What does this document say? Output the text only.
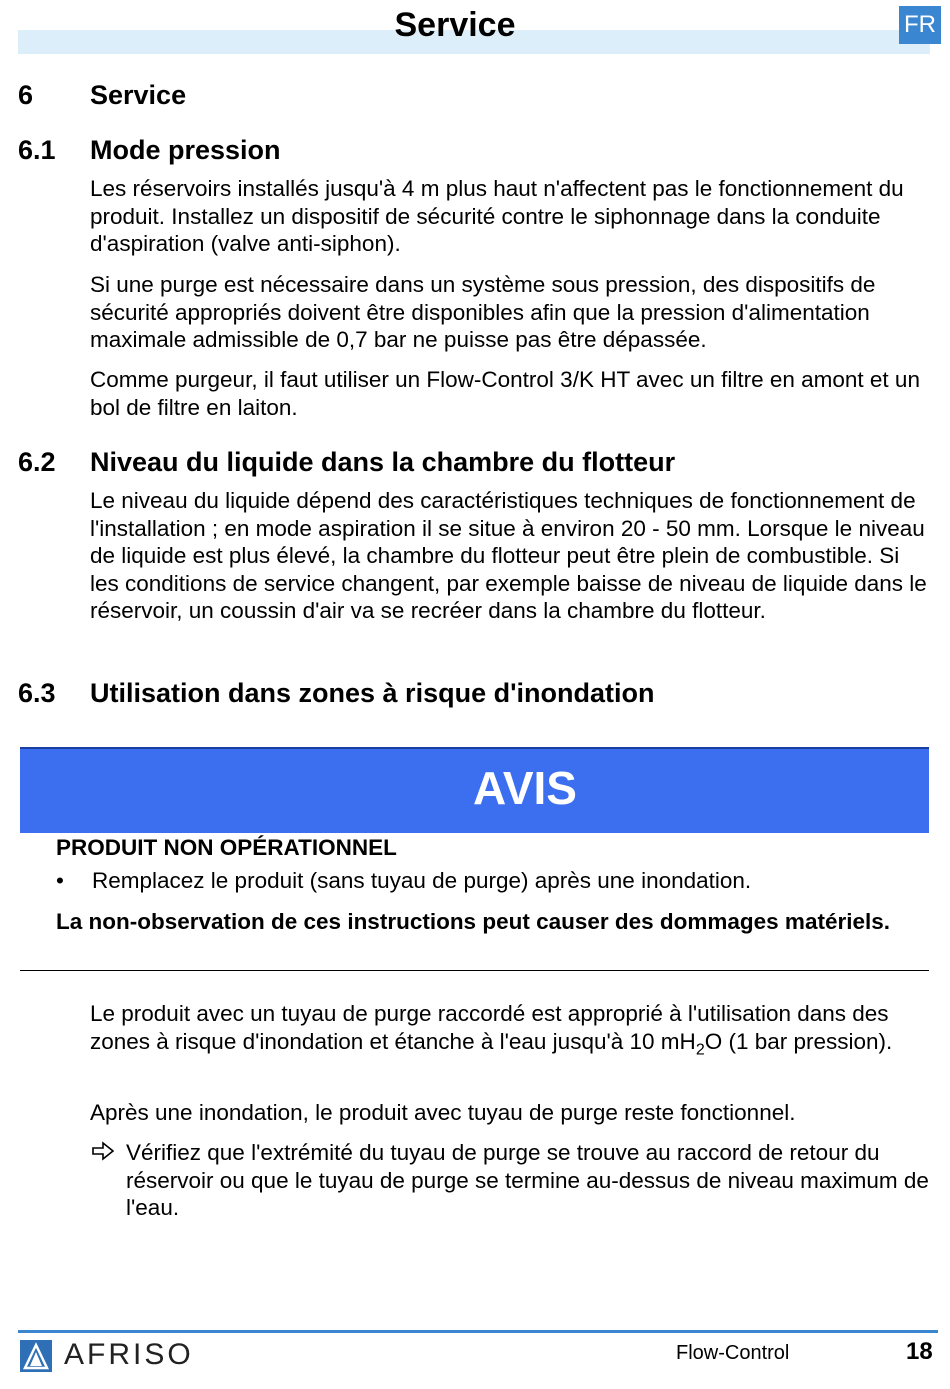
Service	FR
6 Service
6.1 Mode pression
Les réservoirs installés jusqu'à 4 m plus haut n'affectent pas le fonctionnement du produit. Installez un dispositif de sécurité contre le siphonnage dans la conduite d'aspiration (valve anti-siphon).
Si une purge est nécessaire dans un système sous pression, des dispositifs de sécurité appropriés doivent être disponibles afin que la pression d'alimentation maximale admissible de 0,7 bar ne puisse pas être dépassée.
Comme purgeur, il faut utiliser un Flow-Control 3/K HT avec un filtre en amont et un bol de filtre en laiton.
6.2 Niveau du liquide dans la chambre du flotteur
Le niveau du liquide dépend des caractéristiques techniques de fonctionnement de l'installation ; en mode aspiration il se situe à environ 20 - 50 mm. Lorsque le niveau de liquide est plus élevé, la chambre du flotteur peut être plein de combustible. Si les conditions de service changent, par exemple baisse de niveau de liquide dans le réservoir, un coussin d'air va se recréer dans la chambre du flotteur.
6.3 Utilisation dans zones à risque d'inondation
AVIS
PRODUIT NON OPÉRATIONNEL
• Remplacez le produit (sans tuyau de purge) après une inondation.
La non-observation de ces instructions peut causer des dommages matériels.
Le produit avec un tuyau de purge raccordé est approprié à l'utilisation dans des zones à risque d'inondation et étanche à l'eau jusqu'à 10 $mH_2O$ (1 bar pression).
Après une inondation, le produit avec tuyau de purge reste fonctionnel.
Vérifiez que l'extrémité du tuyau de purge se trouve au raccord de retour du réservoir ou que le tuyau de purge se termine au-dessus de niveau maximum de l'eau.
AFRISO	Flow-Control	18
